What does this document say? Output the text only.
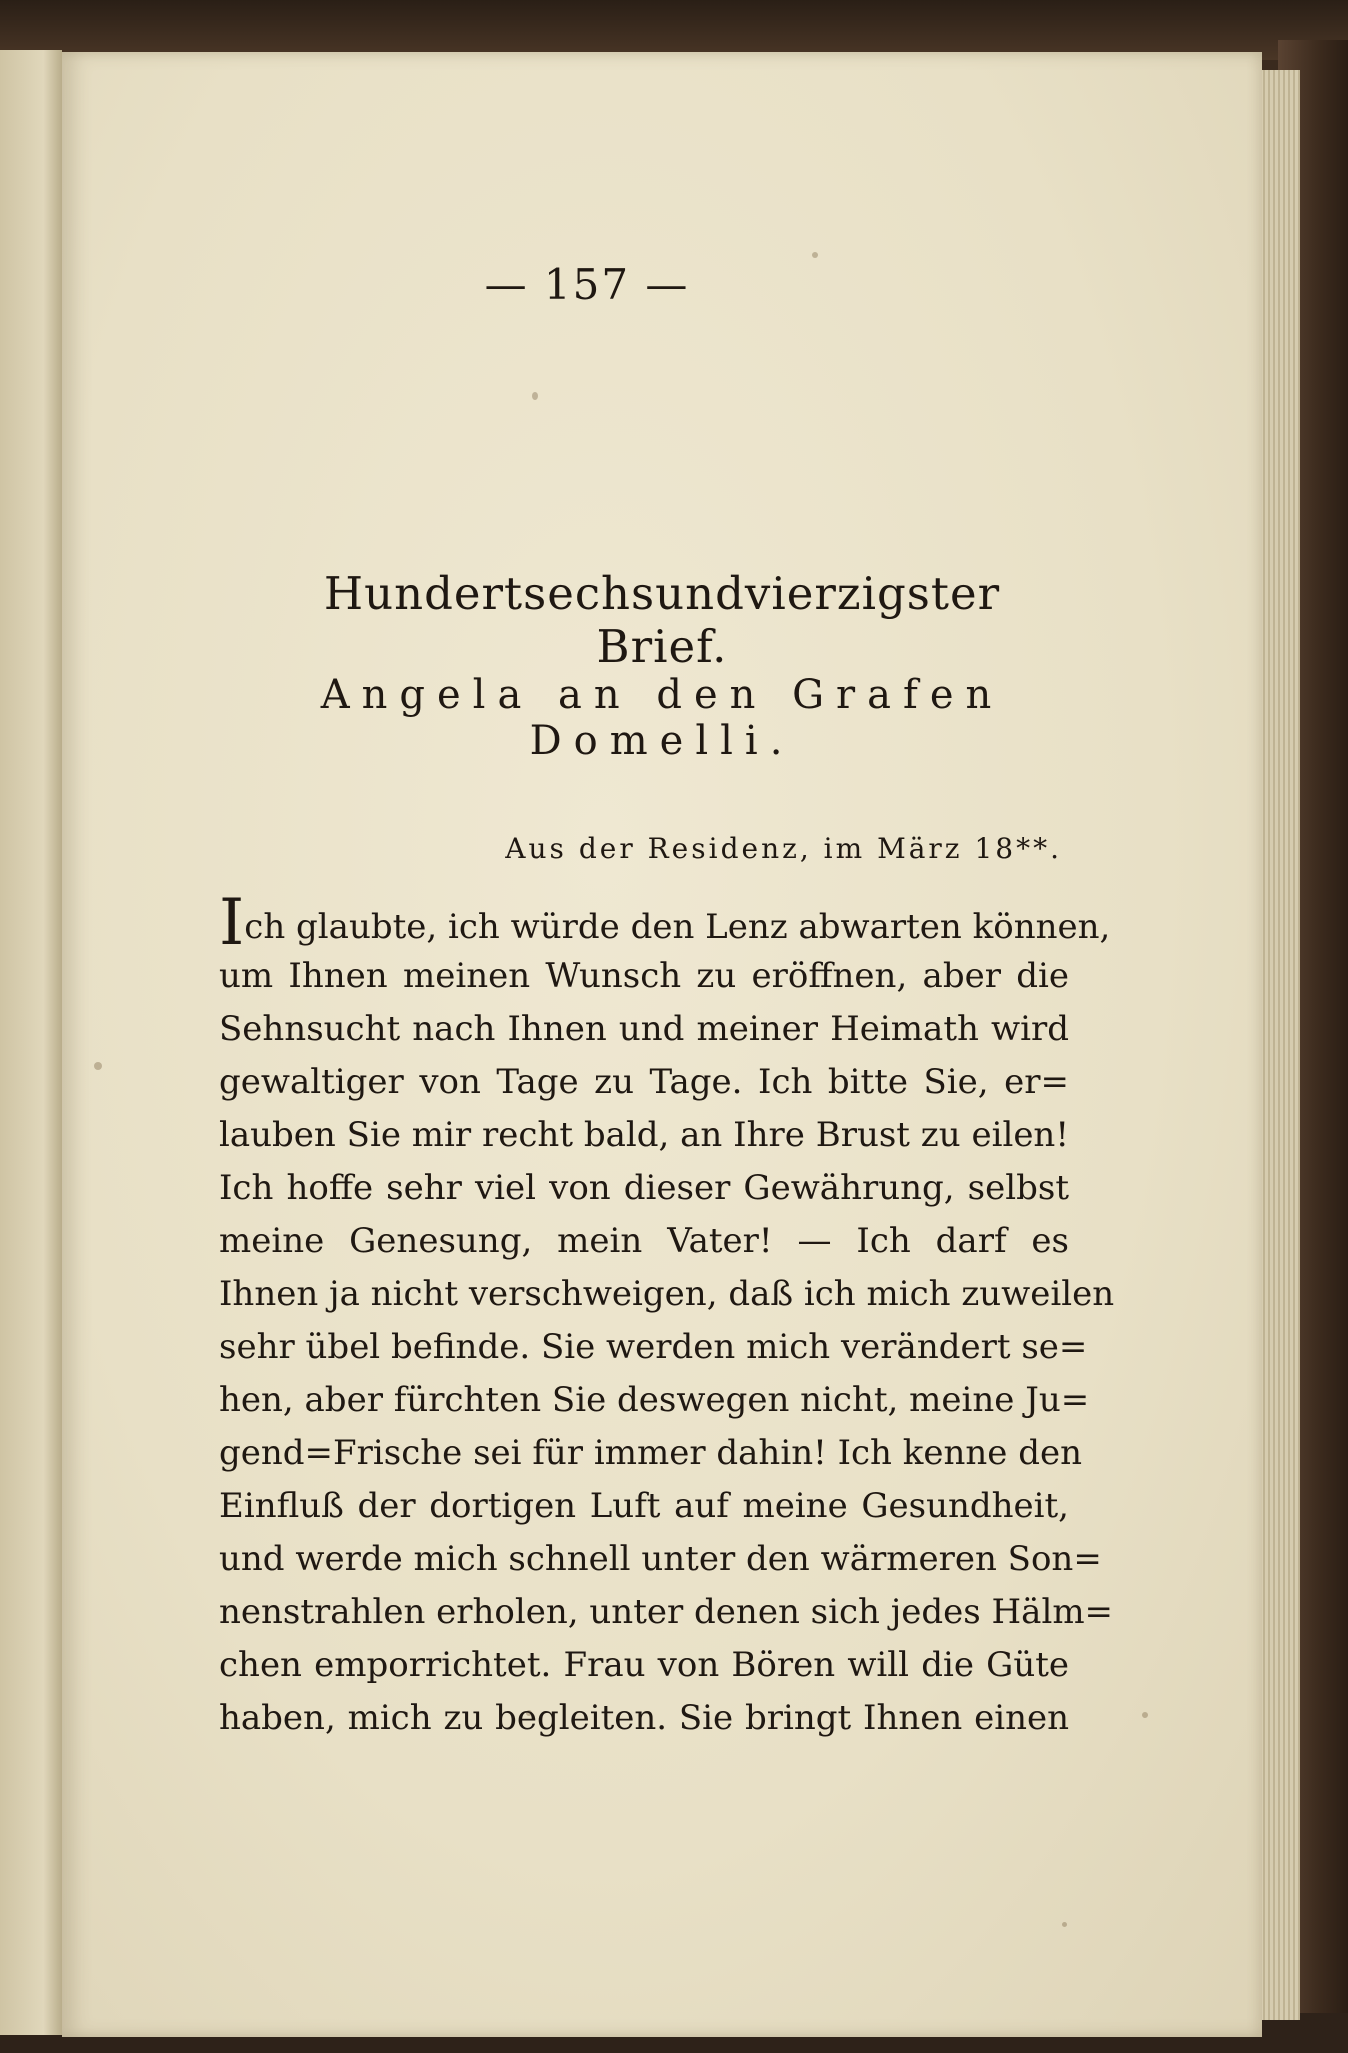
— 157 —
Hundertsechsundvierzigster Brief.
Angela an den Grafen Domelli.
Aus der Residenz, im März 18**.
Ich glaubte, ich würde den Lenz abwarten können,
um Ihnen meinen Wunsch zu eröffnen, aber die
Sehnsucht nach Ihnen und meiner Heimath wird
gewaltiger von Tage zu Tage. Ich bitte Sie, er=
lauben Sie mir recht bald, an Ihre Brust zu eilen!
Ich hoffe sehr viel von dieser Gewährung, selbst
meine Genesung, mein Vater! — Ich darf es
Ihnen ja nicht verschweigen, daß ich mich zuweilen
sehr übel befinde. Sie werden mich verändert se=
hen, aber fürchten Sie deswegen nicht, meine Ju=
gend=Frische sei für immer dahin! Ich kenne den
Einfluß der dortigen Luft auf meine Gesundheit,
und werde mich schnell unter den wärmeren Son=
nenstrahlen erholen, unter denen sich jedes Hälm=
chen emporrichtet. Frau von Bören will die Güte
haben, mich zu begleiten. Sie bringt Ihnen einen
